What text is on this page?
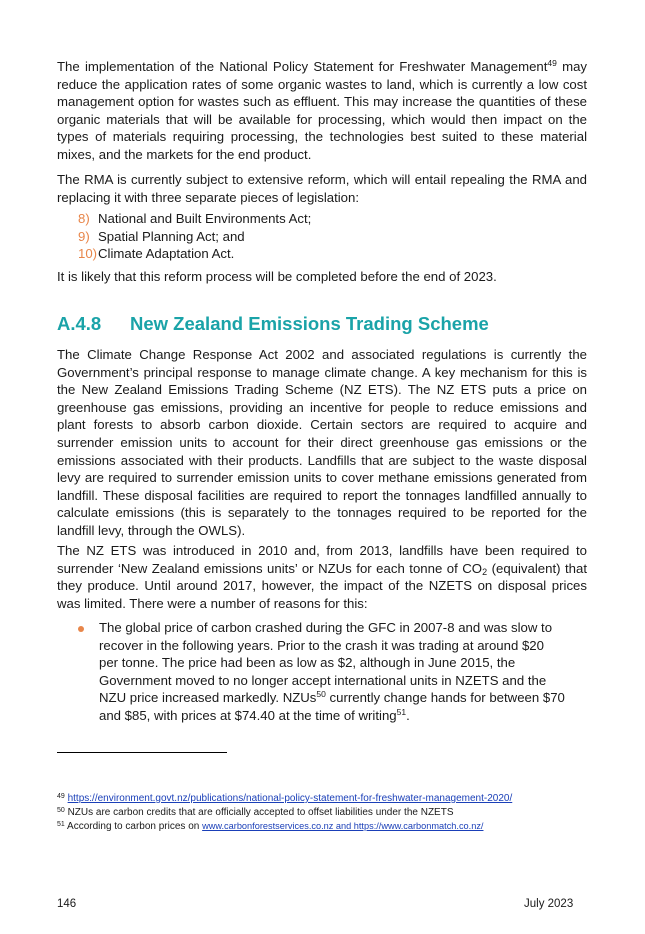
The implementation of the National Policy Statement for Freshwater Management$^{49}$ may reduce the application rates of some organic wastes to land, which is currently a low cost management option for wastes such as effluent. This may increase the quantities of these organic materials that will be available for processing, which would then impact on the types of materials requiring processing, the technologies best suited to these material mixes, and the markets for the end product.

The RMA is currently subject to extensive reform, which will entail repealing the RMA and replacing it with three separate pieces of legislation:

8) National and Built Environments Act;
9) Spatial Planning Act; and
10) Climate Adaptation Act.

It is likely that this reform process will be completed before the end of 2023.

A.4.8 New Zealand Emissions Trading Scheme

The Climate Change Response Act 2002 and associated regulations is currently the Government’s principal response to manage climate change. A key mechanism for this is the New Zealand Emissions Trading Scheme (NZ ETS). The NZ ETS puts a price on greenhouse gas emissions, providing an incentive for people to reduce emissions and plant forests to absorb carbon dioxide. Certain sectors are required to acquire and surrender emission units to account for their direct greenhouse gas emissions or the emissions associated with their products. Landfills that are subject to the waste disposal levy are required to surrender emission units to cover methane emissions generated from landfill. These disposal facilities are required to report the tonnages landfilled annually to calculate emissions (this is separately to the tonnages required to be reported for the landfill levy, through the OWLS).

The NZ ETS was introduced in 2010 and, from 2013, landfills have been required to surrender ‘New Zealand emissions units’ or NZUs for each tonne of $CO_2$ (equivalent) that they produce. Until around 2017, however, the impact of the NZETS on disposal prices was limited. There were a number of reasons for this:

The global price of carbon crashed during the GFC in 2007-8 and was slow to recover in the following years. Prior to the crash it was trading at around $20 per tonne. The price had been as low as $2, although in June 2015, the Government moved to no longer accept international units in NZETS and the NZU price increased markedly. NZUs$^{50}$ currently change hands for between $70 and $85, with prices at $74.40 at the time of writing$^{51}$.
$^{49}$ https://environment.govt.nz/publications/national-policy-statement-for-freshwater-management-2020/
$^{50}$ NZUs are carbon credits that are officially accepted to offset liabilities under the NZETS
$^{51}$ According to carbon prices on www.carbonforestservices.co.nz and https://www.carbonmatch.co.nz/
146	July 2023
